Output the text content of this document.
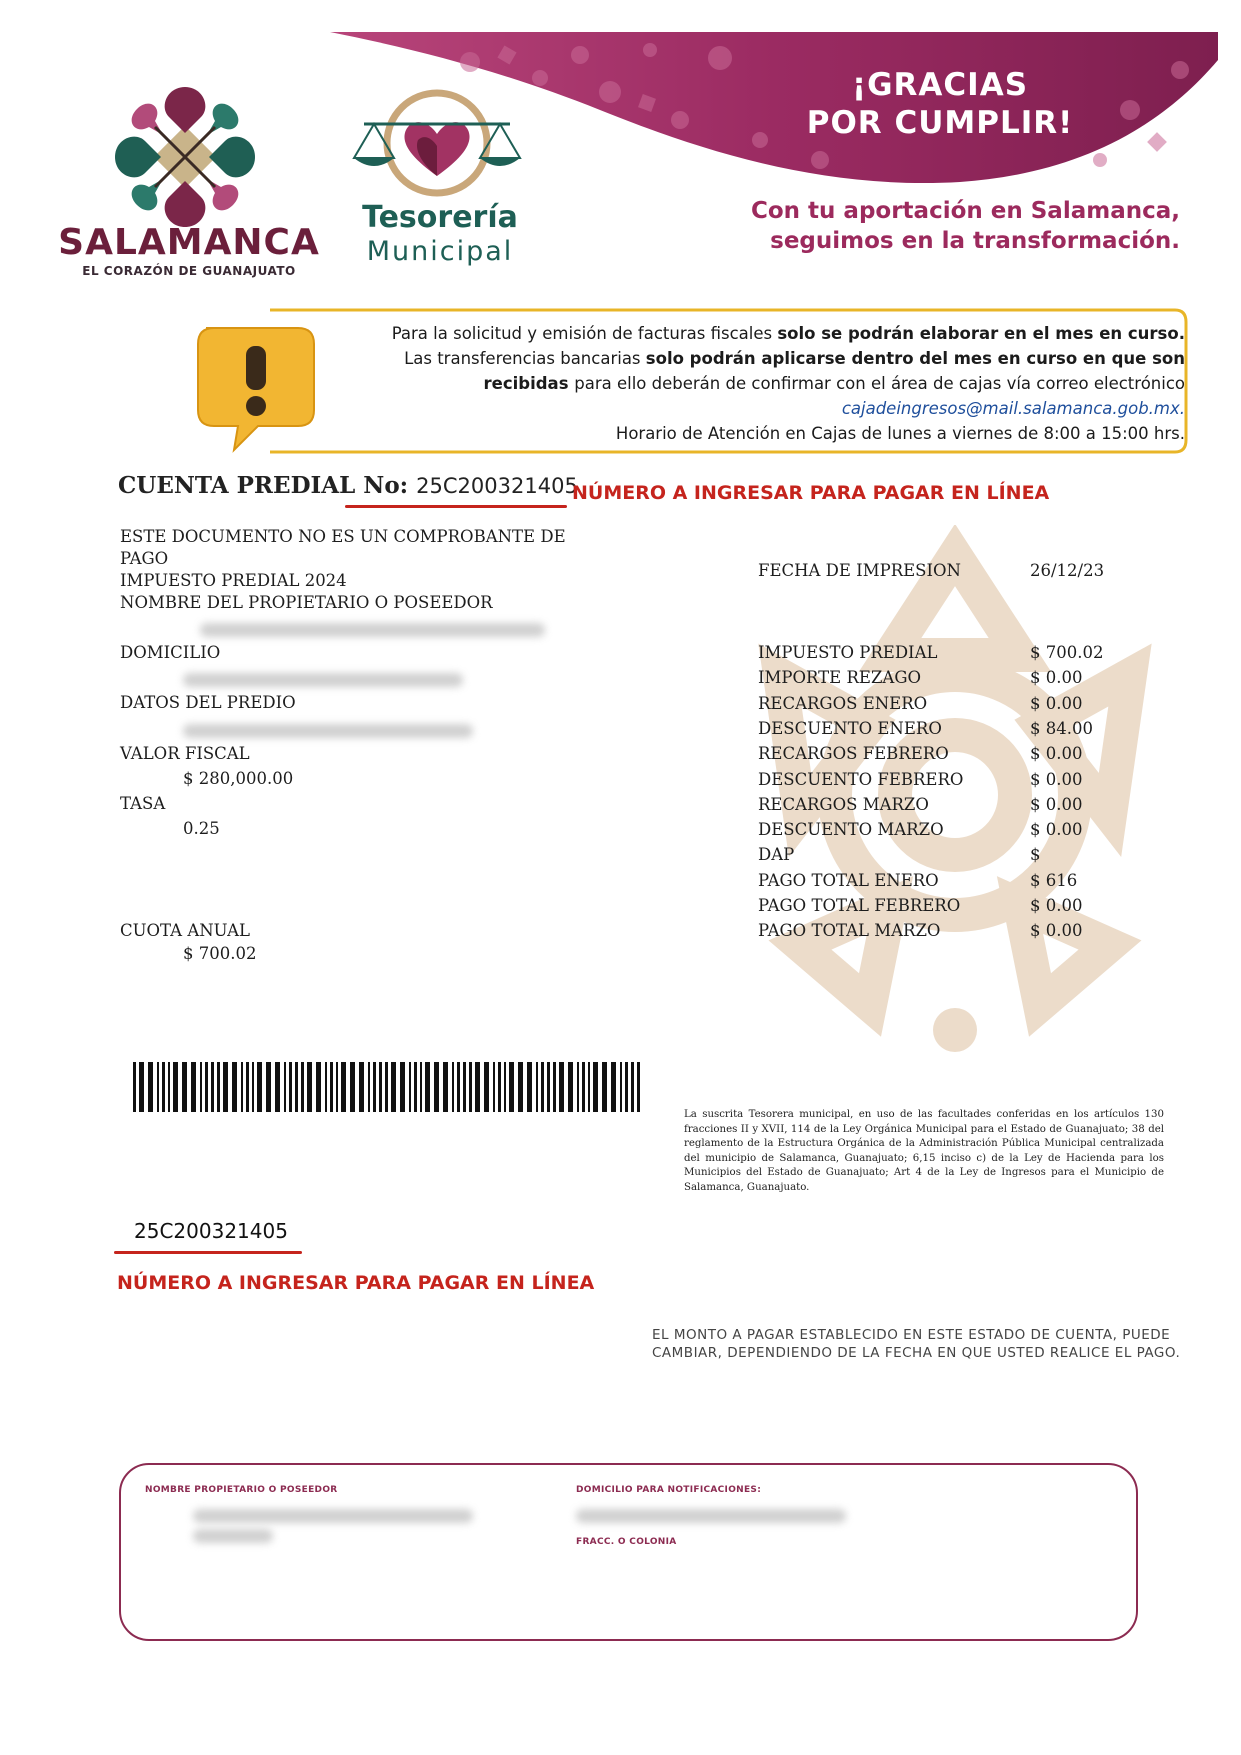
¡GRACIAS
POR CUMPLIR!
Con tu aportación en Salamanca,
seguimos en la transformación.
SALAMANCA
EL CORAZÓN DE GUANAJUATO
Tesorería
Municipal
Para la solicitud y emisión de facturas fiscales solo se podrán elaborar en el mes en curso.
Las transferencias bancarias solo podrán aplicarse dentro del mes en curso en que son
recibidas para ello deberán de confirmar con el área de cajas vía correo electrónico
cajadeingresos@mail.salamanca.gob.mx.
Horario de Atención en Cajas de lunes a viernes de 8:00 a 15:00 hrs.
CUENTA PREDIAL No: 25C200321405
NÚMERO A INGRESAR PARA PAGAR EN LÍNEA
ESTE DOCUMENTO NO ES UN COMPROBANTE DE
PAGO
IMPUESTO PREDIAL 2024
NOMBRE DEL PROPIETARIO O POSEEDOR
DOMICILIO
DATOS DEL PREDIO
VALOR FISCAL
$ 280,000.00
TASA
0.25
CUOTA ANUAL
$ 700.02
FECHA DE IMPRESION	26/12/23
IMPUESTO PREDIAL	$ 700.02
IMPORTE REZAGO	$ 0.00
RECARGOS ENERO	$ 0.00
DESCUENTO ENERO	$ 84.00
RECARGOS FEBRERO	$ 0.00
DESCUENTO FEBRERO	$ 0.00
RECARGOS MARZO	$ 0.00
DESCUENTO MARZO	$ 0.00
DAP	$
PAGO TOTAL ENERO	$ 616
PAGO TOTAL FEBRERO	$ 0.00
PAGO TOTAL MARZO	$ 0.00
La suscrita Tesorera municipal, en uso de las facultades conferidas en los artículos 130 fracciones II y XVII, 114 de la Ley Orgánica Municipal para el Estado de Guanajuato; 38 del reglamento de la Estructura Orgánica de la Administración Pública Municipal centralizada del municipio de Salamanca, Guanajuato; 6,15 inciso c) de la Ley de Hacienda para los Municipios del Estado de Guanajuato; Art 4 de la Ley de Ingresos para el Municipio de Salamanca, Guanajuato.
25C200321405
NÚMERO A INGRESAR PARA PAGAR EN LÍNEA
EL MONTO A PAGAR ESTABLECIDO EN ESTE ESTADO DE CUENTA, PUEDE
CAMBIAR, DEPENDIENDO DE LA FECHA EN QUE USTED REALICE EL PAGO.
NOMBRE PROPIETARIO O POSEEDOR	DOMICILIO PARA NOTIFICACIONES:
FRACC. O COLONIA
